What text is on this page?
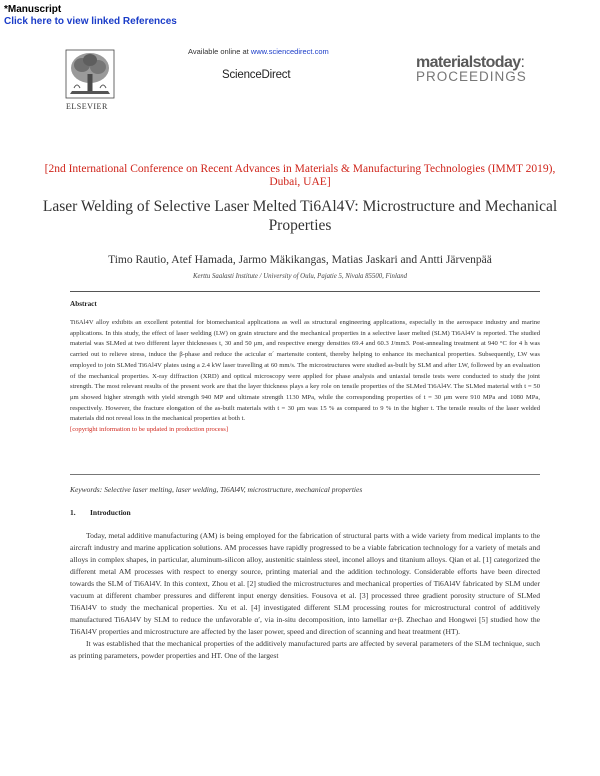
*Manuscript
Click here to view linked References
Available online at www.sciencedirect.com
ELSEVIER
ScienceDirect
materialstoday:
PROCEEDINGS
[2nd International Conference on Recent Advances in Materials & Manufacturing Technologies (IMMT 2019), Dubai, UAE]
Laser Welding of Selective Laser Melted Ti6Al4V: Microstructure and Mechanical Properties
Timo Rautio, Atef Hamada, Jarmo Mäkikangas, Matias Jaskari and Antti Järvenpää
Kerttu Saalasti Institute / University of Oulu, Pajatie 5, Nivala 85500, Finland
Abstract
Ti6Al4V alloy exhibits an excellent potential for biomechanical applications as well as structural engineering applications, especially in the aerospace industry and marine applications. In this study, the effect of laser welding (LW) on grain structure and the mechanical properties in a selective laser melted (SLM) Ti6Al4V is reported. The studied material was SLMed at two different layer thicknesses t, 30 and 50 μm, and respective energy densities 69.4 and 60.3 J/mm3. Post-annealing treatment at 940 °C for 4 h was carried out to relieve stress, induce the β-phase and reduce the acicular α´ martensite content, thereby helping to enhance its mechanical properties. Subsequently, LW was employed to join SLMed Ti6Al4V plates using a 2.4 kW laser travelling at 60 mm/s. The microstructures were studied as-built by SLM and after LW, followed by an evaluation of the mechanical properties. X-ray diffraction (XRD) and optical microscopy were applied for phase analysis and uniaxial tensile tests were conducted to study the joint strength. The most relevant results of the present work are that the layer thickness plays a key role on tensile properties of the SLMed Ti6Al4V. The SLMed material with t = 50 μm showed higher strength with yield strength 940 MP and ultimate strength 1130 MPa, while the corresponding properties of t = 30 μm were 910 MPa and 1080 MPa, respectively. However, the fracture elongation of the as-built materials with t = 30 μm was 15 % as compared to 9 % in the higher t. The tensile results of the laser welded materials did not reveal loss in the mechanical properties at both t.
[copyright information to be updated in production process]
Keywords: Selective laser melting, laser welding, Ti6Al4V, microstructure, mechanical properties
1. Introduction

Today, metal additive manufacturing (AM) is being employed for the fabrication of structural parts with a wide variety from medical implants to the aircraft industry and marine application solutions. AM processes have rapidly progressed to be a viable fabrication technology for a variety of metals and alloys in complex shapes, in particular, aluminum-silicon alloy, austenitic stainless steel, inconel alloys and titanium alloys. Qian et al. [1] categorized the different metal AM processes with respect to energy source, printing material and the addition technology. Considerable efforts have been directed towards the SLM of Ti6Al4V. In this context, Zhou et al. [2] studied the microstructures and mechanical properties of Ti6Al4V fabricated by SLM under vacuum at different chamber pressures and different input energy densities. Fousova et al. [3] processed three gradient porosity structure of SLMed Ti6Al4V to study the mechanical properties. Xu et al. [4] investigated different SLM processing routes for microstructural control of additively manufactured Ti6Al4V by SLM to reduce the unfavorable α′, via in-situ decomposition, into lamellar α+β. Zhechao and Hongwei [5] studied how the Ti6Al4V properties and microstructure are affected by the laser power, speed and direction of scanning and heat treatment (HT).

It was established that the mechanical properties of the additively manufactured parts are affected by several parameters of the SLM technique, such as printing parameters, powder properties and HT. One of the largest
